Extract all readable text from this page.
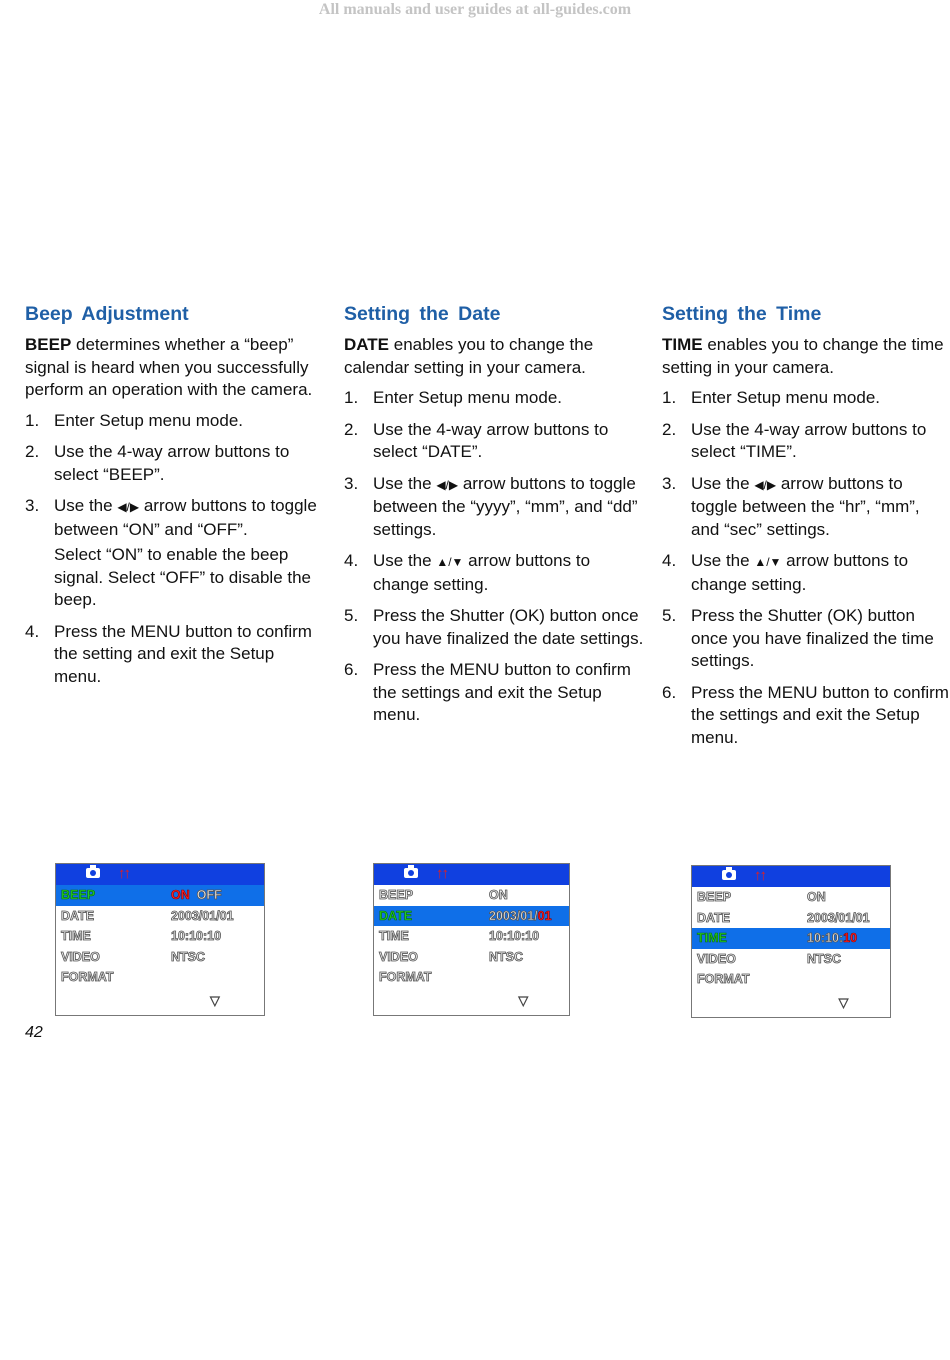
All manuals and user guides at all-guides.com
Beep Adjustment

BEEP determines whether a “beep” signal is heard when you successfully perform an operation with the camera.

1. Enter Setup menu mode.
2. Use the 4-way arrow buttons to select “BEEP”.
3. Use the ◀/▶ arrow buttons to toggle between “ON” and “OFF”.
Select “ON” to enable the beep signal. Select “OFF” to disable the beep.
4. Press the MENU button to confirm the setting and exit the Setup menu.
Setting the Date

DATE enables you to change the calendar setting in your camera.

1. Enter Setup menu mode.
2. Use the 4-way arrow buttons to select “DATE”.
3. Use the ◀/▶ arrow buttons to toggle between the “yyyy”, “mm”, and “dd” settings.
4. Use the ▲/▼ arrow buttons to change setting.
5. Press the Shutter (OK) button once you have finalized the date settings.
6. Press the MENU button to confirm the settings and exit the Setup menu.
Setting the Time

TIME enables you to change the time setting in your camera.

1. Enter Setup menu mode.
2. Use the 4-way arrow buttons to select “TIME”.
3. Use the ◀/▶ arrow buttons to toggle between the “hr”, “mm”, and “sec” settings.
4. Use the ▲/▼ arrow buttons to change setting.
5. Press the Shutter (OK) button once you have finalized the time settings.
6. Press the MENU button to confirm the settings and exit the Setup menu.
↑↑
BEEP	ON  OFF
DATE	2003/01/01
TIME	10:10:10
VIDEO	NTSC
FORMAT
▽
↑↑
BEEP	ON
DATE	2003/01/01
TIME	10:10:10
VIDEO	NTSC
FORMAT
▽
↑↑
BEEP	ON
DATE	2003/01/01
TIME	10:10:10
VIDEO	NTSC
FORMAT
▽
42
